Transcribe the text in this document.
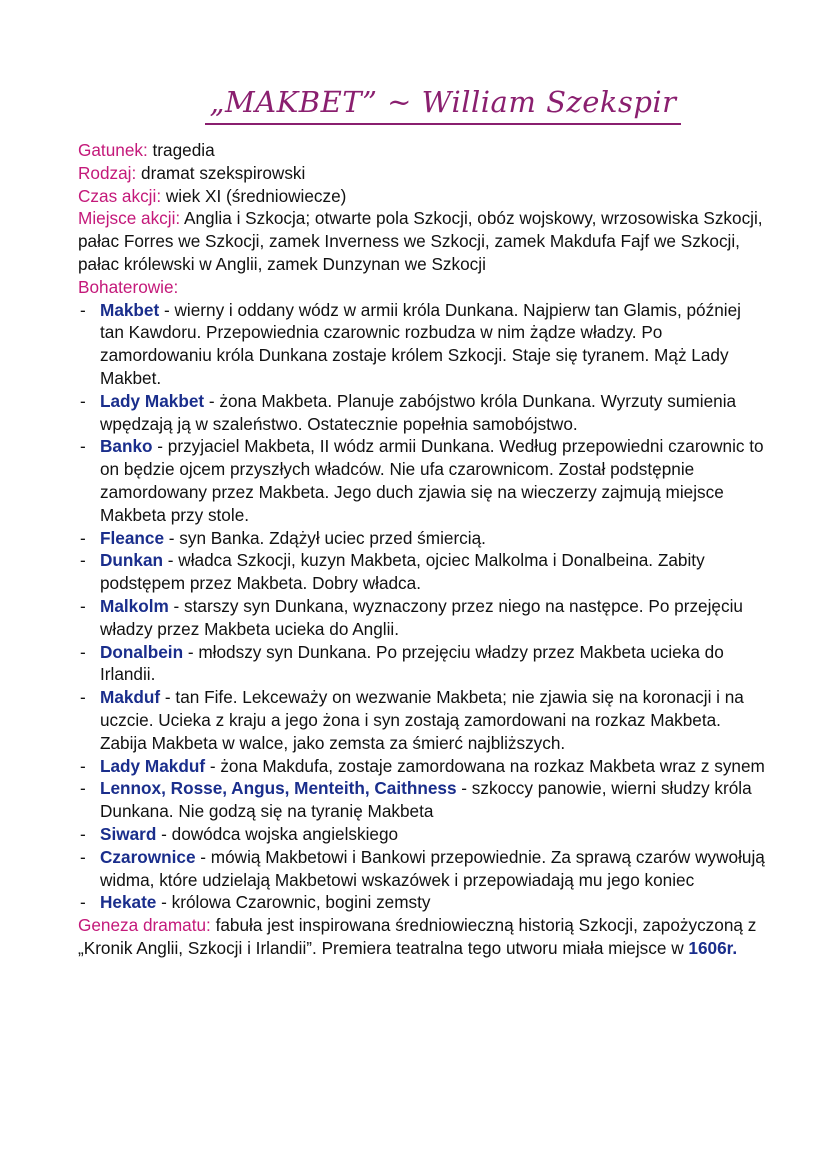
„MAKBET” ~ William Szekspir

Gatunek: tragedia

Rodzaj: dramat szekspirowski

Czas akcji: wiek XI (średniowiecze)

Miejsce akcji: Anglia i Szkocja; otwarte pola Szkocji, obóz wojskowy, wrzosowiska Szkocji, pałac Forres we Szkocji, zamek Inverness we Szkocji, zamek Makdufa Fajf we Szkocji, pałac królewski w Anglii, zamek Dunzynan we Szkocji

Bohaterowie:

- Makbet - wierny i oddany wódz w armii króla Dunkana. Najpierw tan Glamis, później tan Kawdoru. Przepowiednia czarownic rozbudza w nim żądze władzy. Po zamordowaniu króla Dunkana zostaje królem Szkocji. Staje się tyranem. Mąż Lady Makbet.
- Lady Makbet - żona Makbeta. Planuje zabójstwo króla Dunkana. Wyrzuty sumienia wpędzają ją w szaleństwo. Ostatecznie popełnia samobójstwo.
- Banko - przyjaciel Makbeta, II wódz armii Dunkana. Według przepowiedni czarownic to on będzie ojcem przyszłych władców. Nie ufa czarownicom. Został podstępnie zamordowany przez Makbeta. Jego duch zjawia się na wieczerzy zajmują miejsce Makbeta przy stole.
- Fleance - syn Banka. Zdążył uciec przed śmiercią.
- Dunkan - władca Szkocji, kuzyn Makbeta, ojciec Malkolma i Donalbeina. Zabity podstępem przez Makbeta. Dobry władca.
- Malkolm - starszy syn Dunkana, wyznaczony przez niego na następce. Po przejęciu władzy przez Makbeta ucieka do Anglii.
- Donalbein - młodszy syn Dunkana. Po przejęciu władzy przez Makbeta ucieka do Irlandii.
- Makduf - tan Fife. Lekceważy on wezwanie Makbeta; nie zjawia się na koronacji i na uczcie. Ucieka z kraju a jego żona i syn zostają zamordowani na rozkaz Makbeta. Zabija Makbeta w walce, jako zemsta za śmierć najbliższych.
- Lady Makduf - żona Makdufa, zostaje zamordowana na rozkaz Makbeta wraz z synem
- Lennox, Rosse, Angus, Menteith, Caithness - szkoccy panowie, wierni słudzy króla Dunkana. Nie godzą się na tyranię Makbeta
- Siward - dowódca wojska angielskiego
- Czarownice - mówią Makbetowi i Bankowi przepowiednie. Za sprawą czarów wywołują widma, które udzielają Makbetowi wskazówek i przepowiadają mu jego koniec
- Hekate - królowa Czarownic, bogini zemsty

Geneza dramatu: fabuła jest inspirowana średniowieczną historią Szkocji, zapożyczoną z „Kronik Anglii, Szkocji i Irlandii”. Premiera teatralna tego utworu miała miejsce w 1606r.
